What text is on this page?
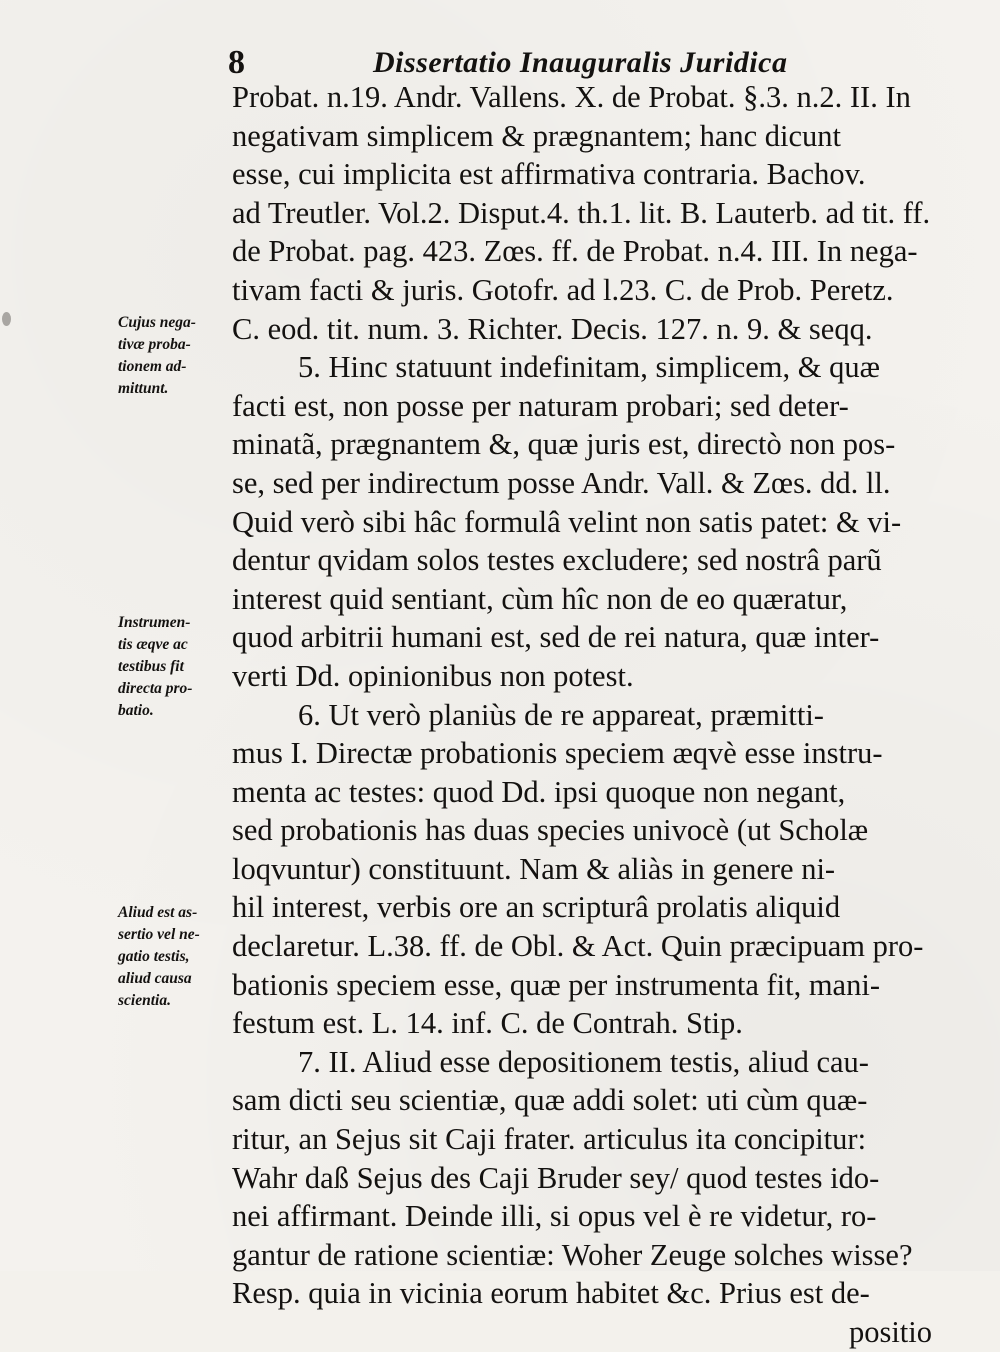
8	Dissertatio Inauguralis Juridica
Cujus nega-
tivæ proba-
tionem ad-
mittunt.
Instrumen-
tis æqve ac
testibus fit
directa pro-
batio.
Aliud est as-
sertio vel ne-
gatio testis,
aliud causa
scientia.
Probat. n.19. Andr. Vallens. X. de Probat. §.3. n.2. II. In
negativam simplicem & prægnantem; hanc dicunt
esse, cui implicita est affirmativa contraria. Bachov.
ad Treutler. Vol.2. Disput.4. th.1. lit. B. Lauterb. ad tit. ff.
de Probat. pag. 423. Zœs. ff. de Probat. n.4. III. In nega-
tivam facti & juris. Gotofr. ad l.23. C. de Prob. Peretz.
C. eod. tit. num. 3. Richter. Decis. 127. n. 9. & seqq.
5. Hinc statuunt indefinitam, simplicem, & quæ
facti est, non posse per naturam probari; sed deter-
minatã, prægnantem &, quæ juris est, directò non pos-
se, sed per indirectum posse Andr. Vall. & Zœs. dd. ll.
Quid verò sibi hâc formulâ velint non satis patet: & vi-
dentur qvidam solos testes excludere; sed nostrâ parũ
interest quid sentiant, cùm hîc non de eo quæratur,
quod arbitrii humani est, sed de rei natura, quæ inter-
verti Dd. opinionibus non potest.
6. Ut verò planiùs de re appareat, præmitti-
mus I. Directæ probationis speciem æqvè esse instru-
menta ac testes: quod Dd. ipsi quoque non negant,
sed probationis has duas species univocè (ut Scholæ
loqvuntur) constituunt. Nam & aliàs in genere ni-
hil interest, verbis ore an scripturâ prolatis aliquid
declaretur. L.38. ff. de Obl. & Act. Quin præcipuam pro-
bationis speciem esse, quæ per instrumenta fit, mani-
festum est. L. 14. inf. C. de Contrah. Stip.
7. II. Aliud esse depositionem testis, aliud cau-
sam dicti seu scientiæ, quæ addi solet: uti cùm quæ-
ritur, an Sejus sit Caji frater. articulus ita concipitur:
Wahr daß Sejus des Caji Bruder sey/ quod testes ido-
nei affirmant. Deinde illi, si opus vel è re videtur, ro-
gantur de ratione scientiæ: Woher Zeuge solches wisse?
Resp. quia in vicinia eorum habitet &c. Prius est de-
positio
